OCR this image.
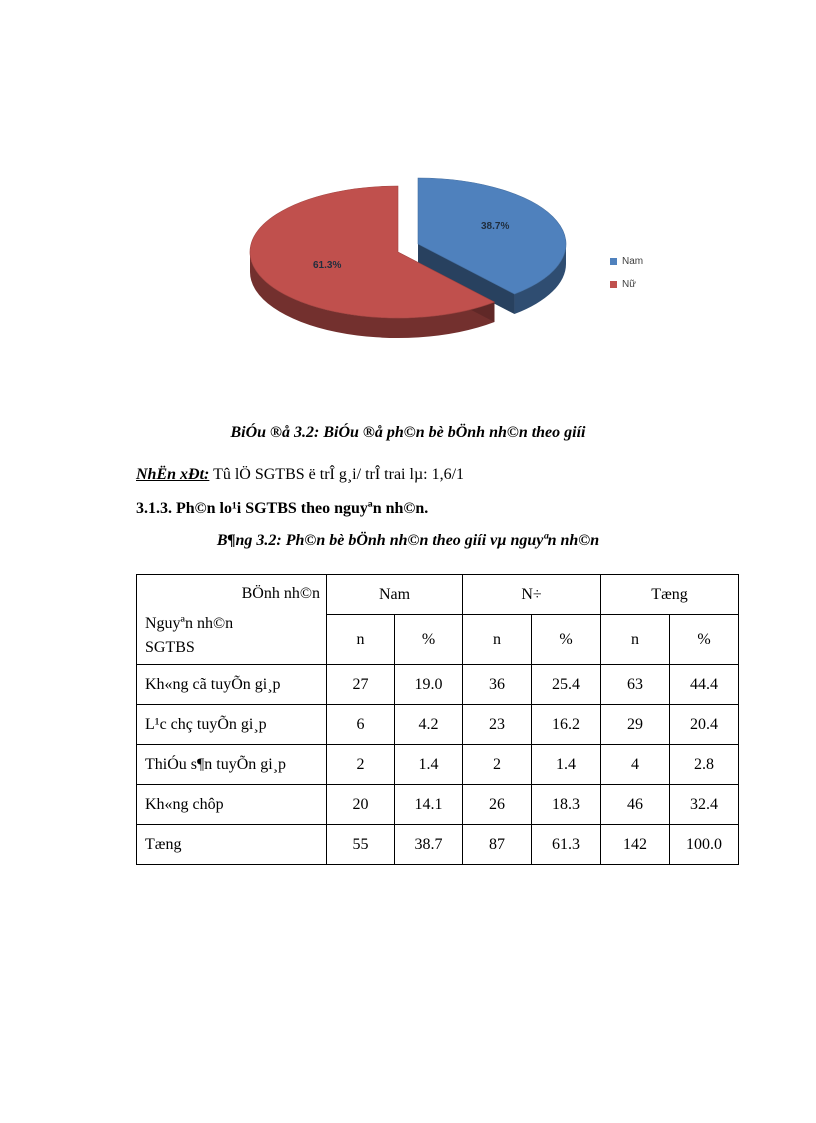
38.7%
61.3%	Nam
Nữ
BiÓu ®å 3.2: BiÓu ®å ph©n bè bÖnh nh©n theo giíi
NhËn xÐt: Tû lÖ SGTBS ë trÎ g¸i/ trÎ trai lµ: 1,6/1
3.1.3. Ph©n lo¹i SGTBS theo nguyªn nh©n.
B¶ng 3.2: Ph©n bè bÖnh nh©n theo giíi vµ nguyªn nh©n
BÖnh nh©n
Nguyªn nh©n SGTBS	Nam		N÷		Tæng	
	n	%	n	%	n	%
Kh«ng cã tuyÕn gi¸p	27	19.0	36	25.4	63	44.4
L¹c chç tuyÕn gi¸p	6	4.2	23	16.2	29	20.4
ThiÓu s¶n tuyÕn gi¸p	2	1.4	2	1.4	4	2.8
Kh«ng chôp	20	14.1	26	18.3	46	32.4
Tæng	55	38.7	87	61.3	142	100.0
